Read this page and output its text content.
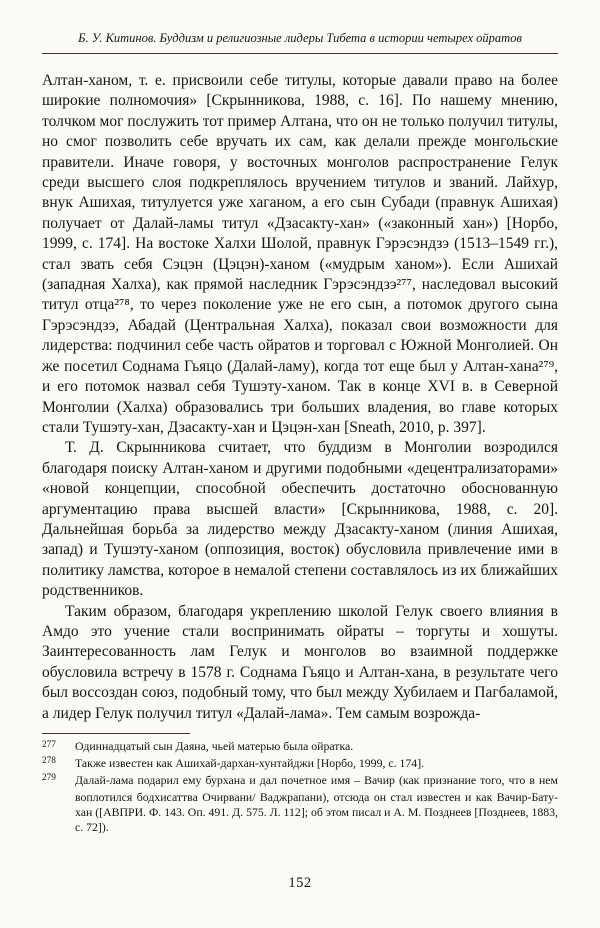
Б. У. Китинов. Буддизм и религиозные лидеры Тибета в истории четырех ойратов

Алтан-ханом, т. е. присвоили себе титулы, которые давали право на более широкие полномочия» [Скрынникова, 1988, с. 16]. По нашему мнению, толчком мог послужить тот пример Алтана, что он не только получил титулы, но смог позволить себе вручать их сам, как делали прежде монгольские правители. Иначе говоря, у восточных монголов распространение Гелук среди высшего слоя подкреплялось вручением титулов и званий. Лайхур, внук Ашихая, титулуется уже хаганом, а его сын Субади (правнук Ашихая) получает от Далай-ламы титул «Дзасакту-хан» («законный хан») [Норбо, 1999, с. 174]. На востоке Халхи Шолой, правнук Гэрэсэндзэ (1513–1549 гг.), стал звать себя Сэцэн (Цэцэн)-ханом («мудрым ханом»). Если Ашихай (западная Халха), как прямой наследник Гэрэсэндзэ²⁷⁷, наследовал высокий титул отца²⁷⁸, то через поколение уже не его сын, а потомок другого сына Гэрэсэндзэ, Абадай (Центральная Халха), показал свои возможности для лидерства: подчинил себе часть ойратов и торговал с Южной Монголией. Он же посетил Соднама Гьяцо (Далай-ламу), когда тот еще был у Алтан-хана²⁷⁹, и его потомок назвал себя Тушэту-ханом. Так в конце XVI в. в Северной Монголии (Халха) образовались три больших владения, во главе которых стали Тушэту-хан, Дзасакту-хан и Цэцэн-хан [Sneath, 2010, p. 397].

Т. Д. Скрынникова считает, что буддизм в Монголии возродился благодаря поиску Алтан-ханом и другими подобными «децентрализаторами» «новой концепции, способной обеспечить достаточно обоснованную аргументацию права высшей власти» [Скрынникова, 1988, с. 20]. Дальнейшая борьба за лидерство между Дзасакту-ханом (линия Ашихая, запад) и Тушэту-ханом (оппозиция, восток) обусловила привлечение ими в политику ламства, которое в немалой степени составлялось из их ближайших родственников.

Таким образом, благодаря укреплению школой Гелук своего влияния в Амдо это учение стали воспринимать ойраты – торгуты и хошуты. Заинтересованность лам Гелук и монголов во взаимной поддержке обусловила встречу в 1578 г. Соднама Гьяцо и Алтан-хана, в результате чего был воссоздан союз, подобный тому, что был между Хубилаем и Пагбаламой, а лидер Гелук получил титул «Далай-лама». Тем самым возрожда-

277 Одиннадцатый сын Даяна, чьей матерью была ойратка.
278 Также известен как Ашихай-дархан-хунтайджи [Норбо, 1999, с. 174].
279 Далай-лама подарил ему бурхана и дал почетное имя – Вачир (как признание того, что в нем воплотился бодхисаттва Очирвани/ Ваджрапани), отсюда он стал известен и как Вачир-Бату-хан ([АВПРИ. Ф. 143. Оп. 491. Д. 575. Л. 112]; об этом писал и А. М. Позднеев [Позднеев, 1883, с. 72]).
152
